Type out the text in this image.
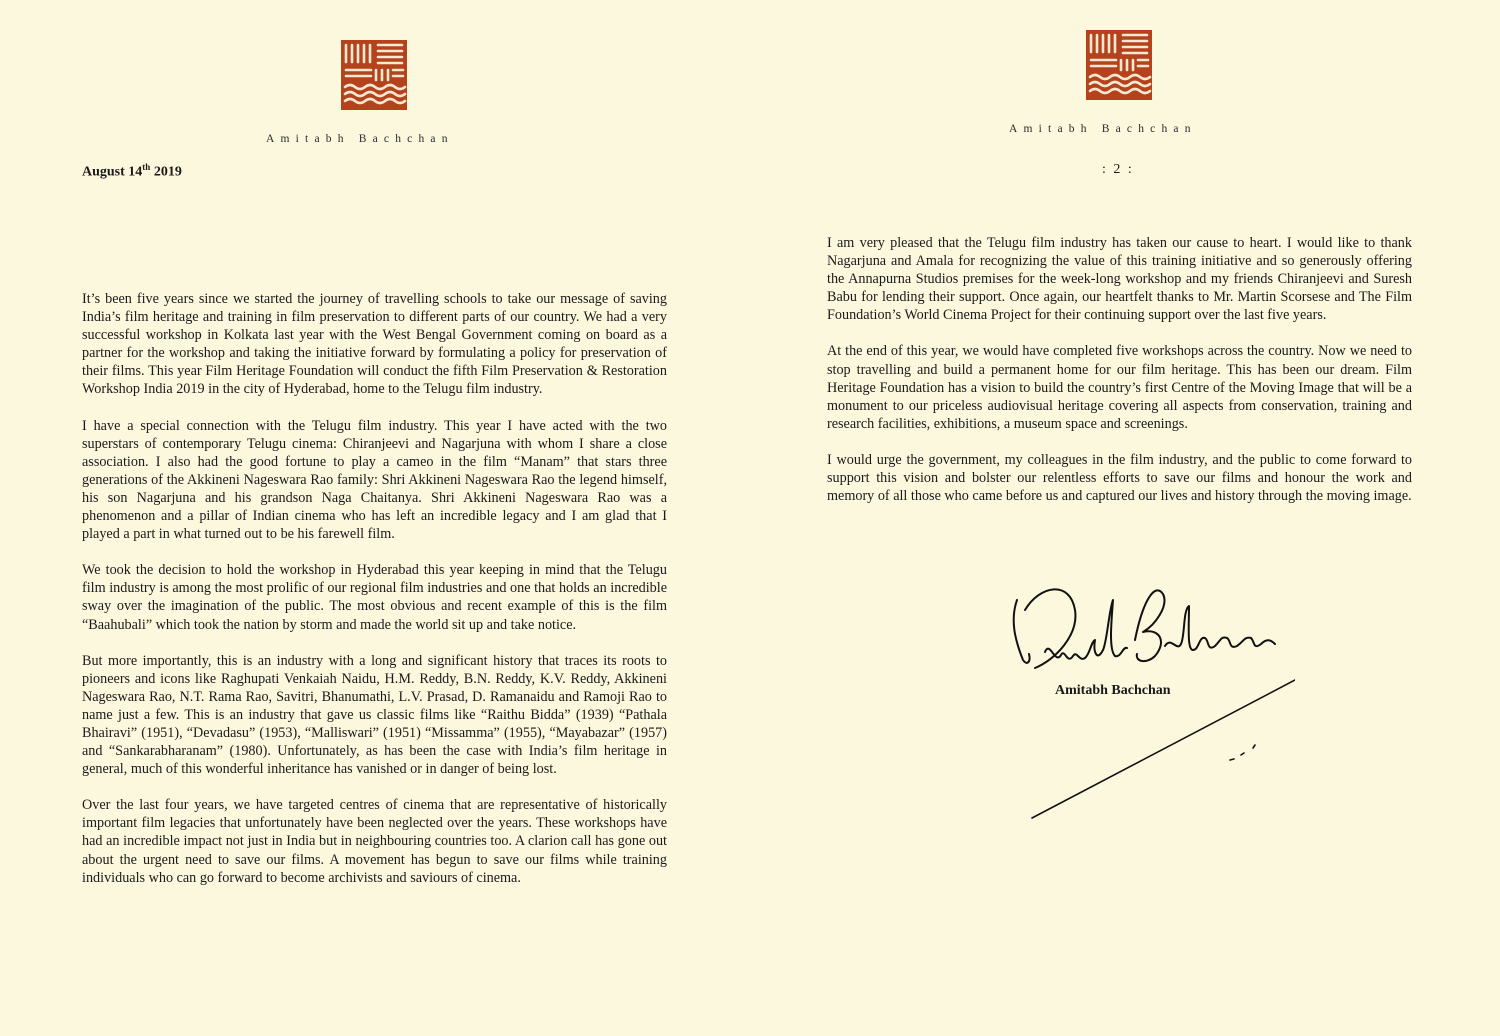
Amitabh Bachchan
August 14th 2019

It’s been five years since we started the journey of travelling schools to take our message of saving India’s film heritage and training in film preservation to different parts of our country. We had a very successful workshop in Kolkata last year with the West Bengal Government coming on board as a partner for the workshop and taking the initiative forward by formulating a policy for preservation of their films. This year Film Heritage Foundation will conduct the fifth Film Preservation & Restoration Workshop India 2019 in the city of Hyderabad, home to the Telugu film industry.

I have a special connection with the Telugu film industry. This year I have acted with the two superstars of contemporary Telugu cinema: Chiranjeevi and Nagarjuna with whom I share a close association. I also had the good fortune to play a cameo in the film “Manam” that stars three generations of the Akkineni Nageswara Rao family: Shri Akkineni Nageswara Rao the legend himself, his son Nagarjuna and his grandson Naga Chaitanya. Shri Akkineni Nageswara Rao was a phenomenon and a pillar of Indian cinema who has left an incredible legacy and I am glad that I played a part in what turned out to be his farewell film.

We took the decision to hold the workshop in Hyderabad this year keeping in mind that the Telugu film industry is among the most prolific of our regional film industries and one that holds an incredible sway over the imagination of the public. The most obvious and recent example of this is the film “Baahubali” which took the nation by storm and made the world sit up and take notice.

But more importantly, this is an industry with a long and significant history that traces its roots to pioneers and icons like Raghupati Venkaiah Naidu, H.M. Reddy, B.N. Reddy, K.V. Reddy, Akkineni Nageswara Rao, N.T. Rama Rao, Savitri, Bhanumathi, L.V. Prasad, D. Ramanaidu and Ramoji Rao to name just a few. This is an industry that gave us classic films like “Raithu Bidda” (1939) “Pathala Bhairavi” (1951), “Devadasu” (1953), “Malliswari” (1951) “Missamma” (1955), “Mayabazar” (1957) and “Sankarabharanam” (1980). Unfortunately, as has been the case with India’s film heritage in general, much of this wonderful inheritance has vanished or in danger of being lost.

Over the last four years, we have targeted centres of cinema that are representative of historically important film legacies that unfortunately have been neglected over the years. These workshops have had an incredible impact not just in India but in neighbouring countries too. A clarion call has gone out about the urgent need to save our films. A movement has begun to save our films while training individuals who can go forward to become archivists and saviours of cinema.

Amitabh Bachchan
: 2 :

I am very pleased that the Telugu film industry has taken our cause to heart. I would like to thank Nagarjuna and Amala for recognizing the value of this training initiative and so generously offering the Annapurna Studios premises for the week-long workshop and my friends Chiranjeevi and Suresh Babu for lending their support. Once again, our heartfelt thanks to Mr. Martin Scorsese and The Film Foundation’s World Cinema Project for their continuing support over the last five years.

At the end of this year, we would have completed five workshops across the country. Now we need to stop travelling and build a permanent home for our film heritage. This has been our dream. Film Heritage Foundation has a vision to build the country’s first Centre of the Moving Image that will be a monument to our priceless audiovisual heritage covering all aspects from conservation, training and research facilities, exhibitions, a museum space and screenings.

I would urge the government, my colleagues in the film industry, and the public to come forward to support this vision and bolster our relentless efforts to save our films and honour the work and memory of all those who came before us and captured our lives and history through the moving image.

Amitabh Bachchan
